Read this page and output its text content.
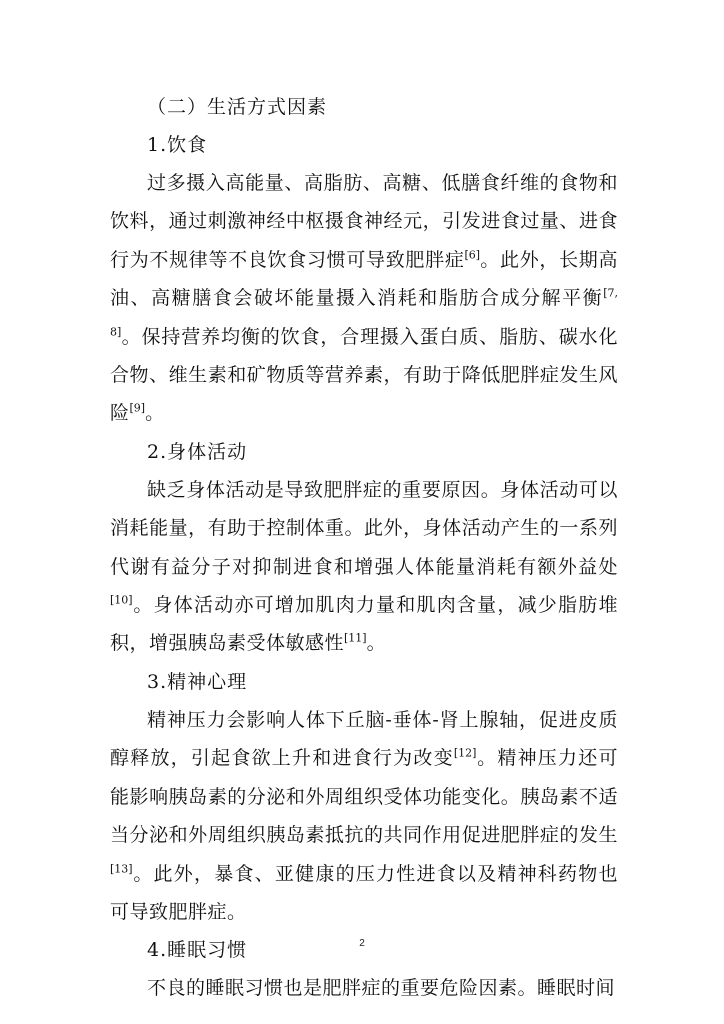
（二）生活方式因素

1.饮食

过多摄入高能量、高脂肪、高糖、低膳食纤维的食物和饮料，通过刺激神经中枢摄食神经元，引发进食过量、进食行为不规律等不良饮食习惯可导致肥胖症[6]。此外，长期高油、高糖膳食会破坏能量摄入消耗和脂肪合成分解平衡[7, 8]。保持营养均衡的饮食，合理摄入蛋白质、脂肪、碳水化合物、维生素和矿物质等营养素，有助于降低肥胖症发生风险[9]。

2.身体活动

缺乏身体活动是导致肥胖症的重要原因。身体活动可以消耗能量，有助于控制体重。此外，身体活动产生的一系列代谢有益分子对抑制进食和增强人体能量消耗有额外益处[10]。身体活动亦可增加肌肉力量和肌肉含量，减少脂肪堆积，增强胰岛素受体敏感性[11]。

3.精神心理

精神压力会影响人体下丘脑-垂体-肾上腺轴，促进皮质醇释放，引起食欲上升和进食行为改变[12]。精神压力还可能影响胰岛素的分泌和外周组织受体功能变化。胰岛素不适当分泌和外周组织胰岛素抵抗的共同作用促进肥胖症的发生[13]。此外，暴食、亚健康的压力性进食以及精神科药物也可导致肥胖症。

4.睡眠习惯

不良的睡眠习惯也是肥胖症的重要危险因素。睡眠时间

2
